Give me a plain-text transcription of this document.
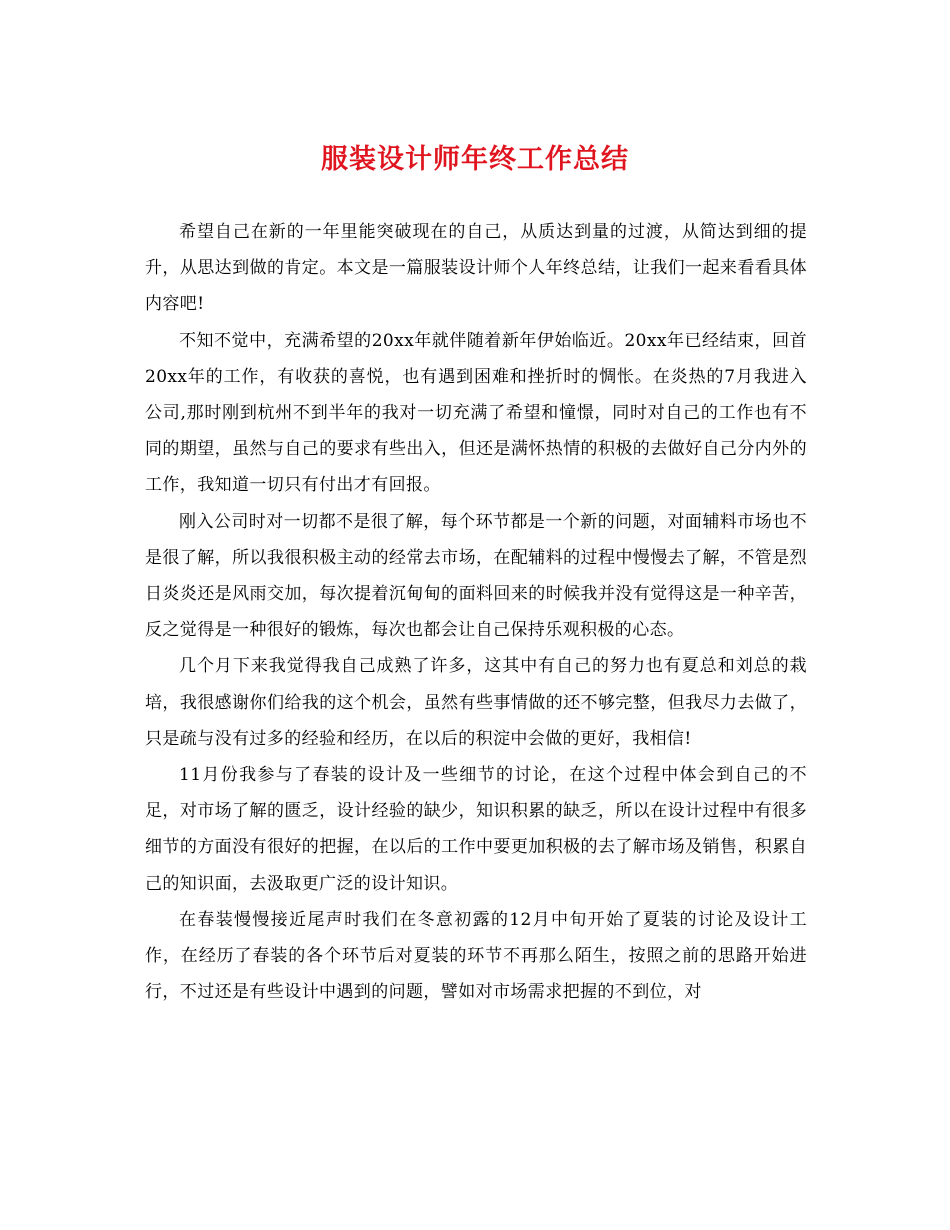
服装设计师年终工作总结

希望自己在新的一年里能突破现在的自己，从质达到量的过渡，从简达到细的提升，从思达到做的肯定。本文是一篇服装设计师个人年终总结，让我们一起来看看具体内容吧!

不知不觉中，充满希望的20xx年就伴随着新年伊始临近。20xx年已经结束，回首20xx年的工作，有收获的喜悦，也有遇到困难和挫折时的惆怅。在炎热的7月我进入公司,那时刚到杭州不到半年的我对一切充满了希望和憧憬，同时对自己的工作也有不同的期望，虽然与自己的要求有些出入，但还是满怀热情的积极的去做好自己分内外的工作，我知道一切只有付出才有回报。

刚入公司时对一切都不是很了解，每个环节都是一个新的问题，对面辅料市场也不是很了解，所以我很积极主动的经常去市场，在配辅料的过程中慢慢去了解，不管是烈日炎炎还是风雨交加，每次提着沉甸甸的面料回来的时候我并没有觉得这是一种辛苦，反之觉得是一种很好的锻炼，每次也都会让自己保持乐观积极的心态。

几个月下来我觉得我自己成熟了许多，这其中有自己的努力也有夏总和刘总的栽培，我很感谢你们给我的这个机会，虽然有些事情做的还不够完整，但我尽力去做了，只是疏与没有过多的经验和经历，在以后的积淀中会做的更好，我相信!

11月份我参与了春装的设计及一些细节的讨论，在这个过程中体会到自己的不足，对市场了解的匮乏，设计经验的缺少，知识积累的缺乏，所以在设计过程中有很多细节的方面没有很好的把握，在以后的工作中要更加积极的去了解市场及销售，积累自己的知识面，去汲取更广泛的设计知识。

在春装慢慢接近尾声时我们在冬意初露的12月中旬开始了夏装的讨论及设计工作，在经历了春装的各个环节后对夏装的环节不再那么陌生，按照之前的思路开始进行，不过还是有些设计中遇到的问题，譬如对市场需求把握的不到位，对
